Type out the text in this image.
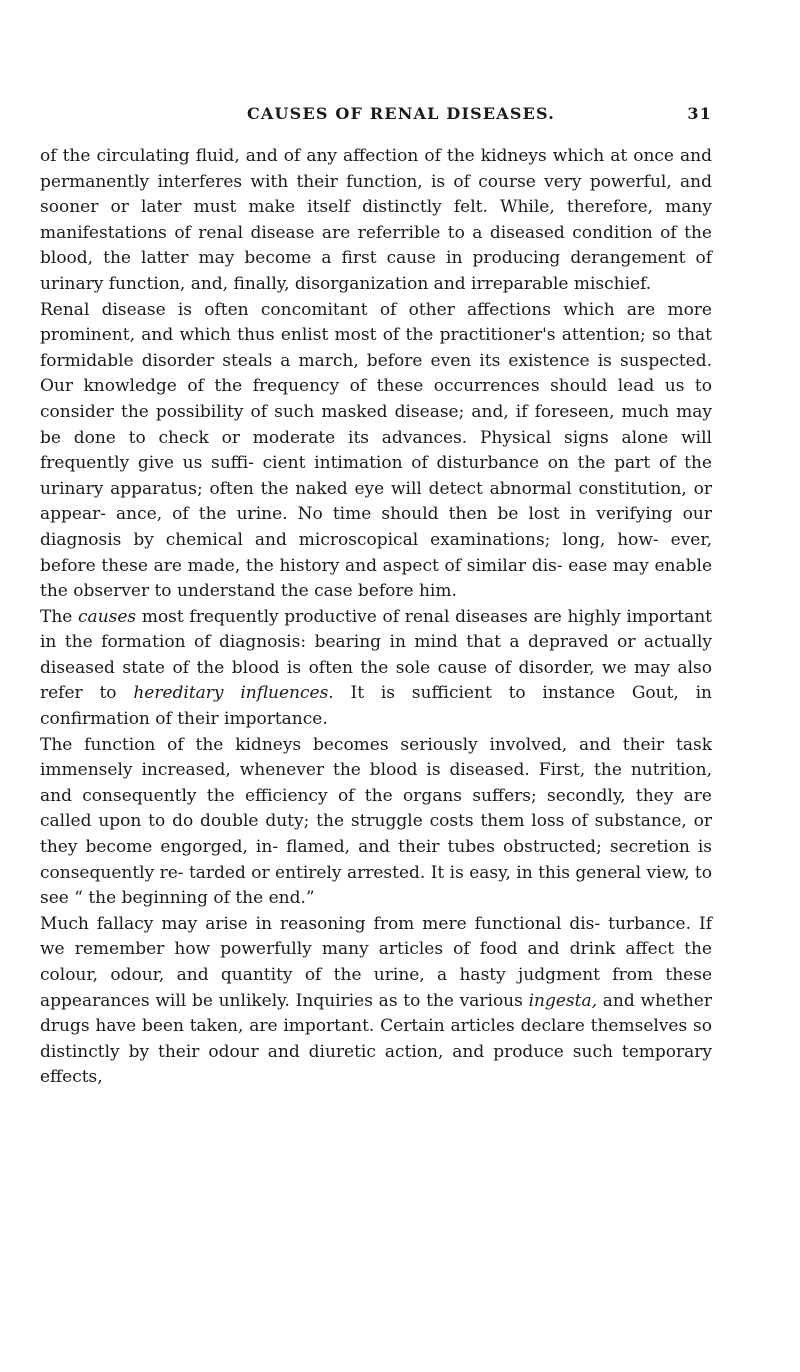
CAUSES OF RENAL DISEASES.	31

of the circulating fluid, and of any affection of the kidneys which at once and permanently interferes with their function, is of course very powerful, and sooner or later must make itself distinctly felt. While, therefore, many manifestations of renal disease are referrible to a diseased condition of the blood, the latter may become a first cause in producing derangement of urinary function, and, finally, disorganization and irreparable mischief.

Renal disease is often concomitant of other affections which are more prominent, and which thus enlist most of the practitioner's attention; so that formidable disorder steals a march, before even its existence is suspected. Our knowledge of the frequency of these occurrences should lead us to consider the possibility of such masked disease; and, if foreseen, much may be done to check or moderate its advances. Physical signs alone will frequently give us suffi- cient intimation of disturbance on the part of the urinary apparatus; often the naked eye will detect abnormal constitution, or appear- ance, of the urine. No time should then be lost in verifying our diagnosis by chemical and microscopical examinations; long, how- ever, before these are made, the history and aspect of similar dis- ease may enable the observer to understand the case before him.

The causes most frequently productive of renal diseases are highly important in the formation of diagnosis: bearing in mind that a depraved or actually diseased state of the blood is often the sole cause of disorder, we may also refer to hereditary influences. It is sufficient to instance Gout, in confirmation of their importance.

The function of the kidneys becomes seriously involved, and their task immensely increased, whenever the blood is diseased. First, the nutrition, and consequently the efficiency of the organs suffers; secondly, they are called upon to do double duty; the struggle costs them loss of substance, or they become engorged, in- flamed, and their tubes obstructed; secretion is consequently re- tarded or entirely arrested. It is easy, in this general view, to see “ the beginning of the end.”

Much fallacy may arise in reasoning from mere functional dis- turbance. If we remember how powerfully many articles of food and drink affect the colour, odour, and quantity of the urine, a hasty judgment from these appearances will be unlikely. Inquiries as to the various ingesta, and whether drugs have been taken, are important. Certain articles declare themselves so distinctly by their odour and diuretic action, and produce such temporary effects,
